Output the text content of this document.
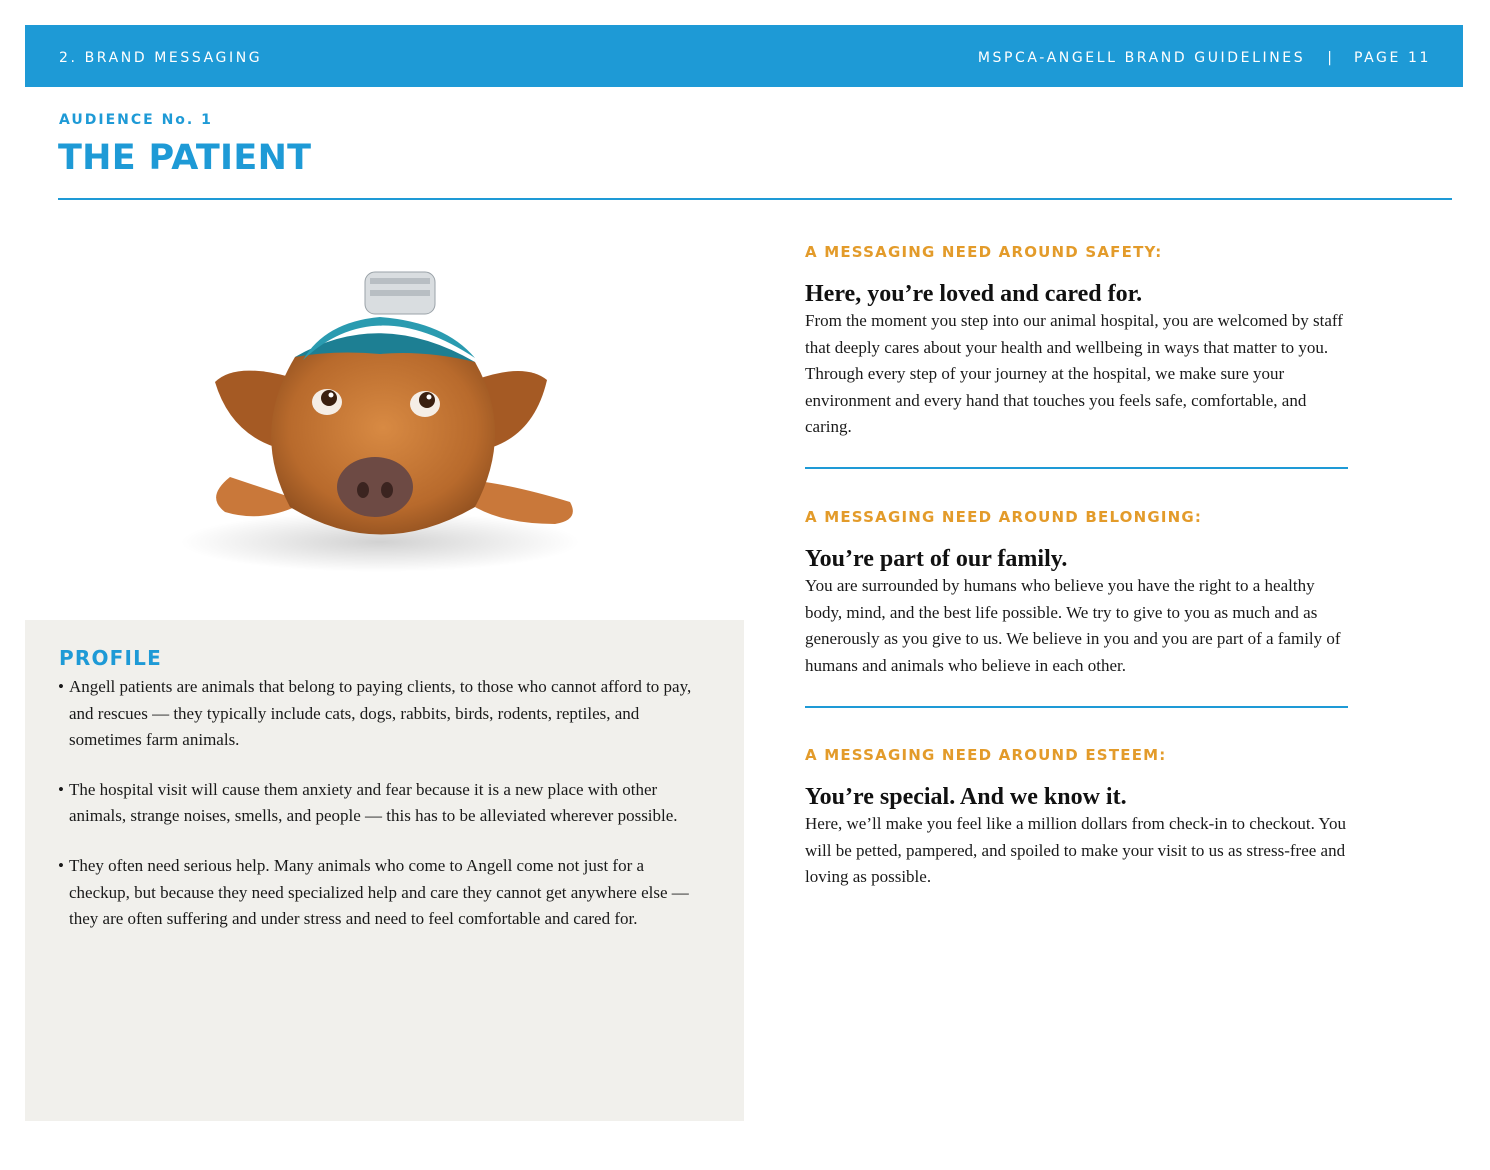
2. BRAND MESSAGING	MSPCA-ANGELL BRAND GUIDELINES | PAGE 11
AUDIENCE No. 1
THE PATIENT
PROFILE
• Angell patients are animals that belong to paying clients, to those who cannot afford to pay, and rescues — they typically include cats, dogs, rabbits, birds, rodents, reptiles, and sometimes farm animals.
• The hospital visit will cause them anxiety and fear because it is a new place with other animals, strange noises, smells, and people — this has to be alleviated wherever possible.
• They often need serious help. Many animals who come to Angell come not just for a checkup, but because they need specialized help and care they cannot get anywhere else — they are often suffering and under stress and need to feel comfortable and cared for.
A MESSAGING NEED AROUND SAFETY:
Here, you’re loved and cared for.

From the moment you step into our animal hospital, you are welcomed by staff that deeply cares about your health and wellbeing in ways that matter to you. Through every step of your journey at the hospital, we make sure your environment and every hand that touches you feels safe, comfortable, and caring.

A MESSAGING NEED AROUND BELONGING:
You’re part of our family.

You are surrounded by humans who believe you have the right to a healthy body, mind, and the best life possible. We try to give to you as much and as generously as you give to us. We believe in you and you are part of a family of humans and animals who believe in each other.

A MESSAGING NEED AROUND ESTEEM:
You’re special. And we know it.

Here, we’ll make you feel like a million dollars from check-in to checkout. You will be petted, pampered, and spoiled to make your visit to us as stress-free and loving as possible.
